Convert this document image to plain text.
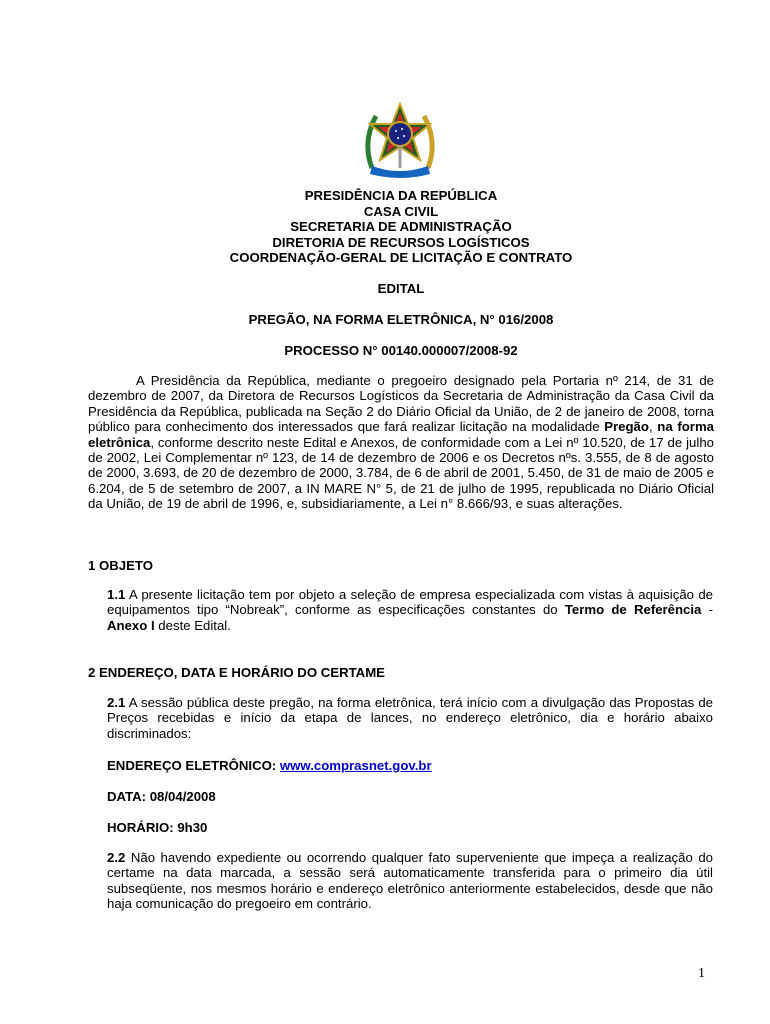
PRESIDÊNCIA DA REPÚBLICA
CASA CIVIL
SECRETARIA DE ADMINISTRAÇÃO
DIRETORIA DE RECURSOS LOGÍSTICOS
COORDENAÇÃO-GERAL DE LICITAÇÃO E CONTRATO
EDITAL
PREGÃO, NA FORMA ELETRÔNICA, N° 016/2008
PROCESSO N° 00140.000007/2008-92
A Presidência da República, mediante o pregoeiro designado pela Portaria nº 214, de 31 de dezembro de 2007, da Diretora de Recursos Logísticos da Secretaria de Administração da Casa Civil da Presidência da República, publicada na Seção 2 do Diário Oficial da União, de 2 de janeiro de 2008, torna público para conhecimento dos interessados que fará realizar licitação na modalidade Pregão, na forma eletrônica, conforme descrito neste Edital e Anexos, de conformidade com a Lei nº 10.520, de 17 de julho de 2002, Lei Complementar nº 123, de 14 de dezembro de 2006 e os Decretos nºs. 3.555, de 8 de agosto de 2000, 3.693, de 20 de dezembro de 2000, 3.784, de 6 de abril de 2001, 5.450, de 31 de maio de 2005 e 6.204, de 5 de setembro de 2007, a IN MARE N° 5, de 21 de julho de 1995, republicada no Diário Oficial da União, de 19 de abril de 1996, e, subsidiariamente, a Lei n° 8.666/93, e suas alterações.
1 OBJETO
1.1 A presente licitação tem por objeto a seleção de empresa especializada com vistas à aquisição de equipamentos tipo “Nobreak”, conforme as especificações constantes do Termo de Referência - Anexo I deste Edital.
2 ENDEREÇO, DATA E HORÁRIO DO CERTAME
2.1 A sessão pública deste pregão, na forma eletrônica, terá início com a divulgação das Propostas de Preços recebidas e início da etapa de lances, no endereço eletrônico, dia e horário abaixo discriminados:
ENDEREÇO ELETRÔNICO: www.comprasnet.gov.br
DATA: 08/04/2008
HORÁRIO: 9h30
2.2 Não havendo expediente ou ocorrendo qualquer fato superveniente que impeça a realização do certame na data marcada, a sessão será automaticamente transferida para o primeiro dia útil subseqüente, nos mesmos horário e endereço eletrônico anteriormente estabelecidos, desde que não haja comunicação do pregoeiro em contrário.
1
